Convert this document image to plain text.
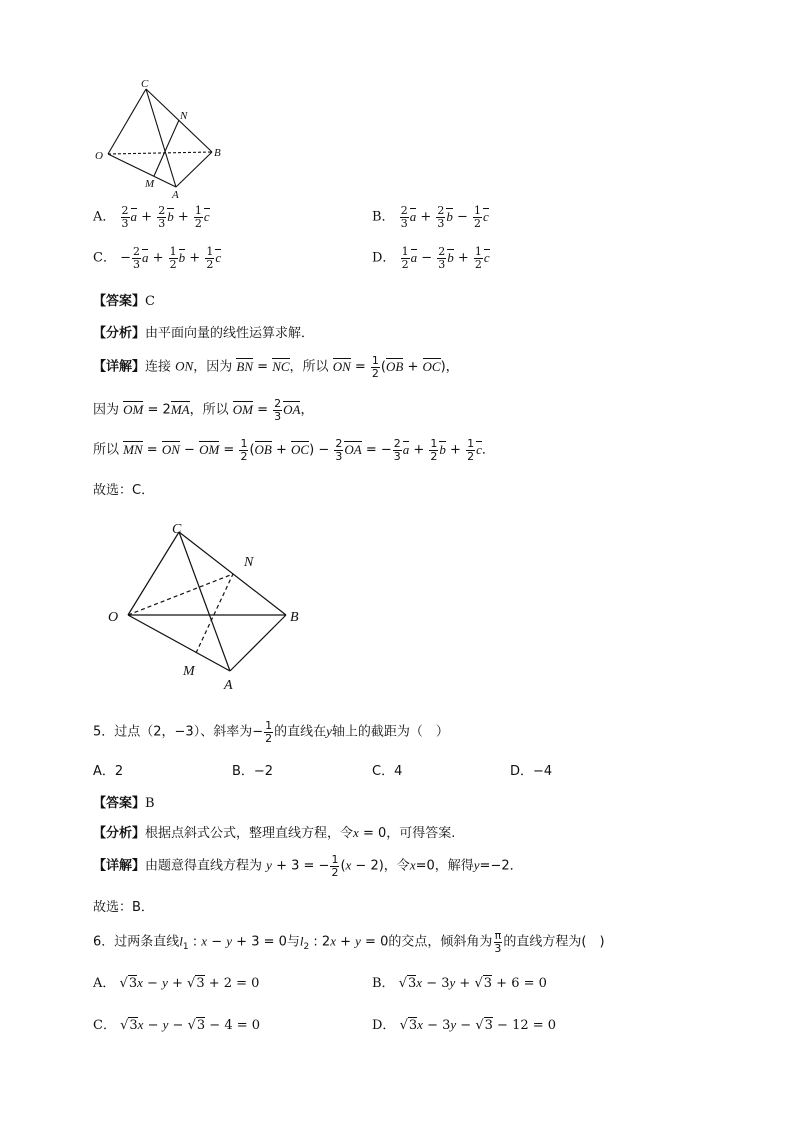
C
N
O	B
M
A
A． $\frac{2}{3}$ $a + \frac{2}{3}$ $b + \frac{1}{2}$ c	B． $\frac{2}{3}$ $a + \frac{2}{3}$ $b - \frac{1}{2}$ c
C． − $\frac{2}{3}$ $a + \frac{1}{2}$ $b + \frac{1}{2}$ c	D． $\frac{1}{2}$ $a - \frac{2}{3}$ $b + \frac{1}{2}$ c
【答案】C
【分析】由平面向量的线性运算求解．
【详解】连接 ON，因为 BN = NC，所以 ON = $\frac{1}{2} (OB + OC)$，
因为 OM = 2MA，所以 OM = $\frac{2}{3}$ OA，
所以 MN = ON − OM = $\frac{1}{2} (OB + OC) - \frac{2}{3}$ OA = − $\frac{2}{3}$ $a + \frac{1}{2}$ $b + \frac{1}{2}$ c．
故选：C．
C
N
O	B
M
A
5．过点（2，−3）、斜率为− $\frac{1}{2}$ 的直线在y轴上的截距为（　）
A．2	B．−2	C．4	D．−4
【答案】B
【分析】根据点斜式公式，整理直线方程，令x = 0，可得答案.
【详解】由题意得直线方程为 y + 3 = − $\frac{1}{2} (x - 2)$，令x=0，解得y=−2．
故选：B．
6．过两条直线$l_1$ : x − y + 3 = 0与$l_2$ : 2x + y = 0的交点，倾斜角为 $\frac{\pi}{3}$ 的直线方程为(　)
A． √3x − y + √3 + 2 = 0	B． √3x − 3y + √3 + 6 = 0
C． √3x − y − √3 − 4 = 0	D． √3x − 3y − √3 − 12 = 0
